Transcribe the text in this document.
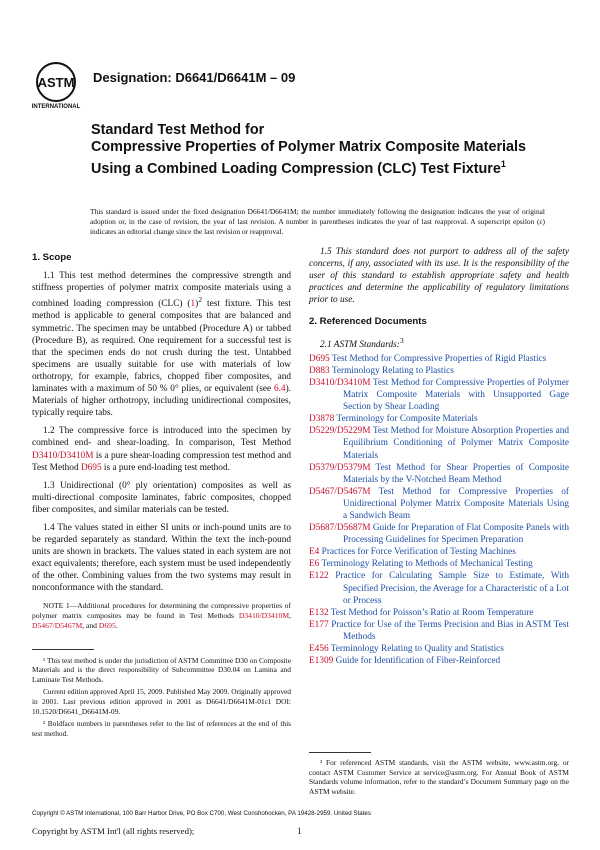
ASTM
INTERNATIONAL
Designation: D6641/D6641M – 09
Standard Test Method for
Compressive Properties of Polymer Matrix Composite Materials Using a Combined Loading Compression (CLC) Test Fixture$^1$
This standard is issued under the fixed designation D6641/D6641M; the number immediately following the designation indicates the year of original adoption or, in the case of revision, the year of last revision. A number in parentheses indicates the year of last reapproval. A superscript epsilon (ε) indicates an editorial change since the last revision or reapproval.
1. Scope

1.1 This test method determines the compressive strength and stiffness properties of polymer matrix composite materials using a combined loading compression (CLC) $(1)^2$ test fixture. This test method is applicable to general composites that are balanced and symmetric. The specimen may be untabbed (Procedure A) or tabbed (Procedure B), as required. One requirement for a successful test is that the specimen ends do not crush during the test. Untabbed specimens are usually suitable for use with materials of low orthotropy, for example, fabrics, chopped fiber composites, and laminates with a maximum of 50 % 0° plies, or equivalent (see 6.4). Materials of higher orthotropy, including unidirectional composites, typically require tabs.

1.2 The compressive force is introduced into the specimen by combined end- and shear-loading. In comparison, Test Method D3410/D3410M is a pure shear-loading compression test method and Test Method D695 is a pure end-loading test method.

1.3 Unidirectional (0° ply orientation) composites as well as multi-directional composite laminates, fabric composites, chopped fiber composites, and similar materials can be tested.

1.4 The values stated in either SI units or inch-pound units are to be regarded separately as standard. Within the text the inch-pound units are shown in brackets. The values stated in each system are not exact equivalents; therefore, each system must be used independently of the other. Combining values from the two systems may result in nonconformance with the standard.

NOTE 1—Additional procedures for determining the compressive properties of polymer matrix composites may be found in Test Methods D3410/D3410M, D5467/D5467M, and D695.
¹ This test method is under the jurisdiction of ASTM Committee D30 on Composite Materials and is the direct responsibility of Subcommittee D30.04 on Lamina and Laminate Test Methods.
Current edition approved April 15, 2009. Published May 2009. Originally approved in 2001. Last previous edition approved in 2001 as D6641/D6641M-01ε1 DOI: 10.1520/D6641_D6641M-09.
² Boldface numbers in parentheses refer to the list of references at the end of this test method.

1.5 This standard does not purport to address all of the safety concerns, if any, associated with its use. It is the responsibility of the user of this standard to establish appropriate safety and health practices and determine the applicability of regulatory limitations prior to use.

2. Referenced Documents

2.1 ASTM Standards:$^3$

D695 Test Method for Compressive Properties of Rigid Plastics
D883 Terminology Relating to Plastics
D3410/D3410M Test Method for Compressive Properties of Polymer Matrix Composite Materials with Unsupported Gage Section by Shear Loading
D3878 Terminology for Composite Materials
D5229/D5229M Test Method for Moisture Absorption Properties and Equilibrium Conditioning of Polymer Matrix Composite Materials
D5379/D5379M Test Method for Shear Properties of Composite Materials by the V-Notched Beam Method
D5467/D5467M Test Method for Compressive Properties of Unidirectional Polymer Matrix Composite Materials Using a Sandwich Beam
D5687/D5687M Guide for Preparation of Flat Composite Panels with Processing Guidelines for Specimen Preparation
E4 Practices for Force Verification of Testing Machines
E6 Terminology Relating to Methods of Mechanical Testing
E122 Practice for Calculating Sample Size to Estimate, With Specified Precision, the Average for a Characteristic of a Lot or Process
E132 Test Method for Poisson’s Ratio at Room Temperature
E177 Practice for Use of the Terms Precision and Bias in ASTM Test Methods
E456 Terminology Relating to Quality and Statistics
E1309 Guide for Identification of Fiber-Reinforced
³ For referenced ASTM standards, visit the ASTM website, www.astm.org, or contact ASTM Customer Service at service@astm.org. For Annual Book of ASTM Standards volume information, refer to the standard’s Document Summary page on the ASTM website.
Copyright © ASTM International, 100 Barr Harbor Drive, PO Box C700, West Conshohocken, PA 19428-2959. United States
Copyright by ASTM Int'l (all rights reserved);	1
